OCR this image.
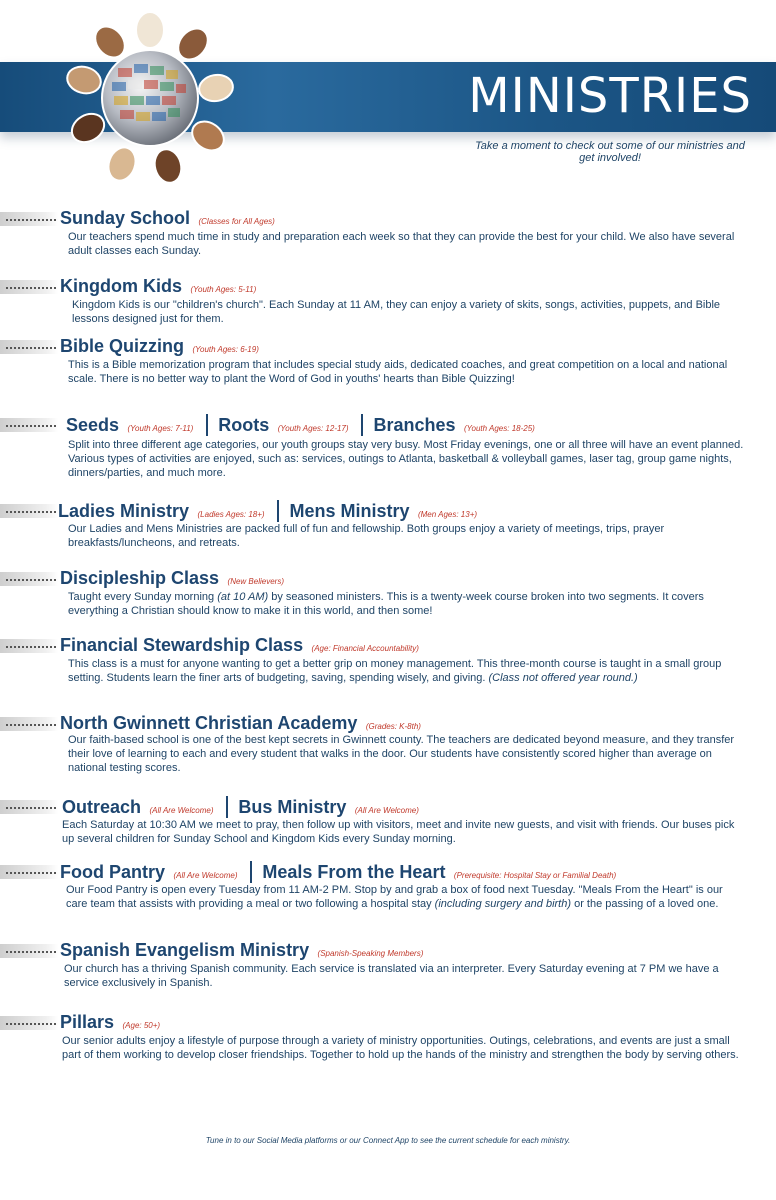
MINISTRIES

Take a moment to check out some of our ministries and get involved!

Sunday School (Classes for All Ages)

Our teachers spend much time in study and preparation each week so that they can provide the best for your child. We also have several adult classes each Sunday.

Kingdom Kids (Youth Ages: 5-11)

Kingdom Kids is our "children's church". Each Sunday at 11 AM, they can enjoy a variety of skits, songs, activities, puppets, and Bible lessons designed just for them.

Bible Quizzing (Youth Ages: 6-19)

This is a Bible memorization program that includes special study aids, dedicated coaches, and great competition on a local and national scale. There is no better way to plant the Word of God in youths' hearts than Bible Quizzing!

Seeds (Youth Ages: 7-11) Roots (Youth Ages: 12-17) Branches (Youth Ages: 18-25)

Split into three different age categories, our youth groups stay very busy. Most Friday evenings, one or all three will have an event planned. Various types of activities are enjoyed, such as: services, outings to Atlanta, basketball & volleyball games, laser tag, group game nights, dinners/parties, and much more.

Ladies Ministry (Ladies Ages: 18+) Mens Ministry (Men Ages: 13+)

Our Ladies and Mens Ministries are packed full of fun and fellowship. Both groups enjoy a variety of meetings, trips, prayer breakfasts/luncheons, and retreats.

Discipleship Class (New Believers)

Taught every Sunday morning (at 10 AM) by seasoned ministers. This is a twenty-week course broken into two segments. It covers everything a Christian should know to make it in this world, and then some!

Financial Stewardship Class (Age: Financial Accountability)

This class is a must for anyone wanting to get a better grip on money management. This three-month course is taught in a small group setting. Students learn the finer arts of budgeting, saving, spending wisely, and giving. (Class not offered year round.)

North Gwinnett Christian Academy (Grades: K-8th)

Our faith-based school is one of the best kept secrets in Gwinnett county. The teachers are dedicated beyond measure, and they transfer their love of learning to each and every student that walks in the door. Our students have consistently scored higher than average on national testing scores.

Outreach (All Are Welcome) Bus Ministry (All Are Welcome)

Each Saturday at 10:30 AM we meet to pray, then follow up with visitors, meet and invite new guests, and visit with friends. Our buses pick up several children for Sunday School and Kingdom Kids every Sunday morning.

Food Pantry (All Are Welcome) Meals From the Heart (Prerequisite: Hospital Stay or Familial Death)

Our Food Pantry is open every Tuesday from 11 AM-2 PM. Stop by and grab a box of food next Tuesday. "Meals From the Heart" is our care team that assists with providing a meal or two following a hospital stay (including surgery and birth) or the passing of a loved one.

Spanish Evangelism Ministry (Spanish-Speaking Members)

Our church has a thriving Spanish community. Each service is translated via an interpreter. Every Saturday evening at 7 PM we have a service exclusively in Spanish.

Pillars (Age: 50+)

Our senior adults enjoy a lifestyle of purpose through a variety of ministry opportunities. Outings, celebrations, and events are just a small part of them working to develop closer friendships. Together to hold up the hands of the ministry and strengthen the body by serving others.

Tune in to our Social Media platforms or our Connect App to see the current schedule for each ministry.
